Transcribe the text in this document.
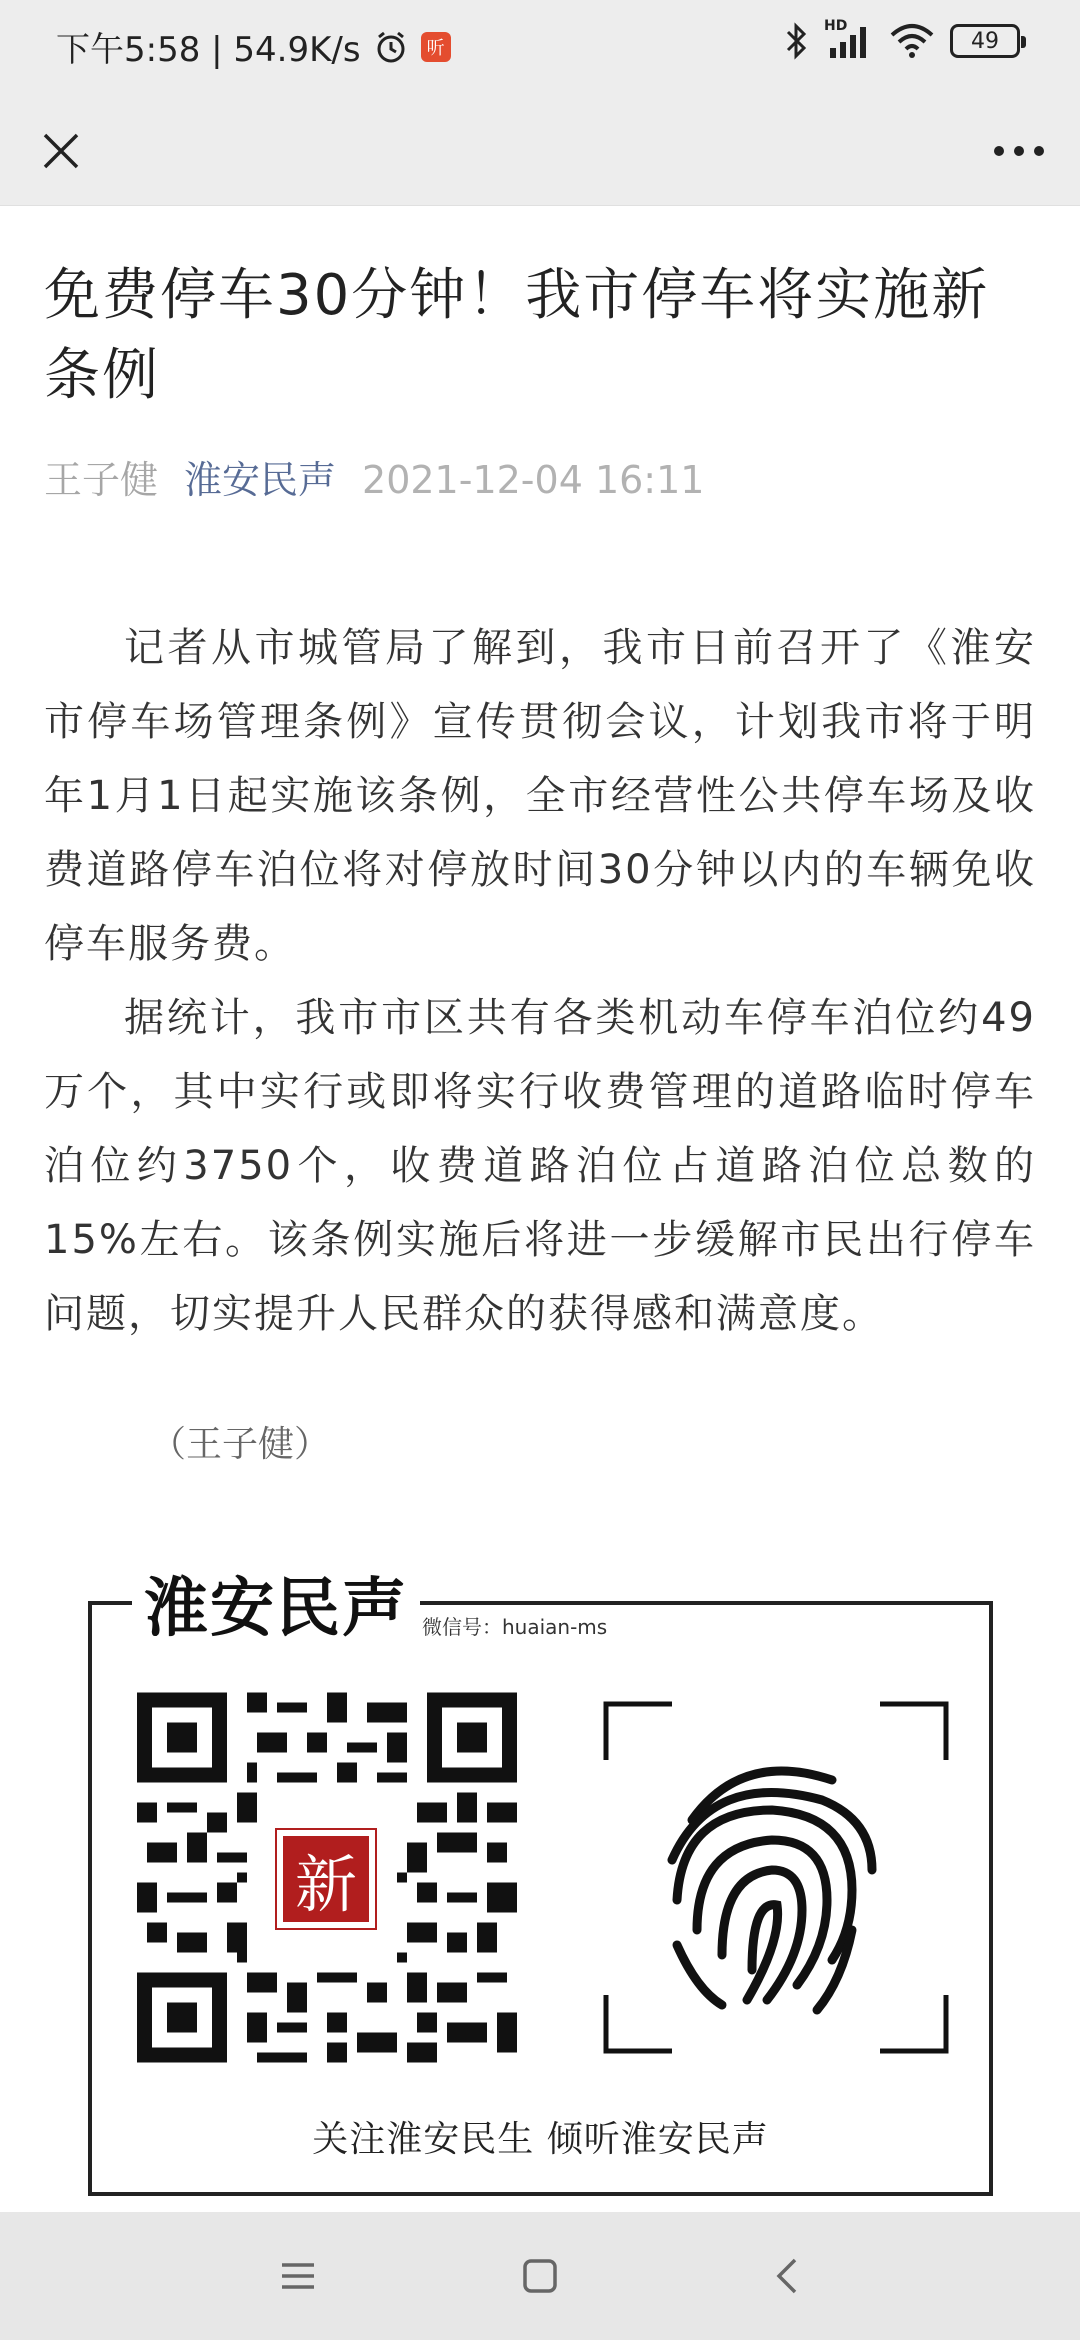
下午5:58 | 54.9K/s	听
HD
49
免费停车30分钟！我市停车将实施新条例
王子健 淮安民声 2021-12-04 16:11

记者从市城管局了解到，我市日前召开了《淮安市停车场管理条例》宣传贯彻会议，计划我市将于明年1月1日起实施该条例，全市经营性公共停车场及收费道路停车泊位将对停放时间30分钟以内的车辆免收停车服务费。

据统计，我市市区共有各类机动车停车泊位约49万个，其中实行或即将实行收费管理的道路临时停车泊位约3750个，收费道路泊位占道路泊位总数的15%左右。该条例实施后将进一步缓解市民出行停车问题，切实提升人民群众的获得感和满意度。

（王子健）
淮安民声 微信号：huaian-ms
新
关注淮安民生 倾听淮安民声
